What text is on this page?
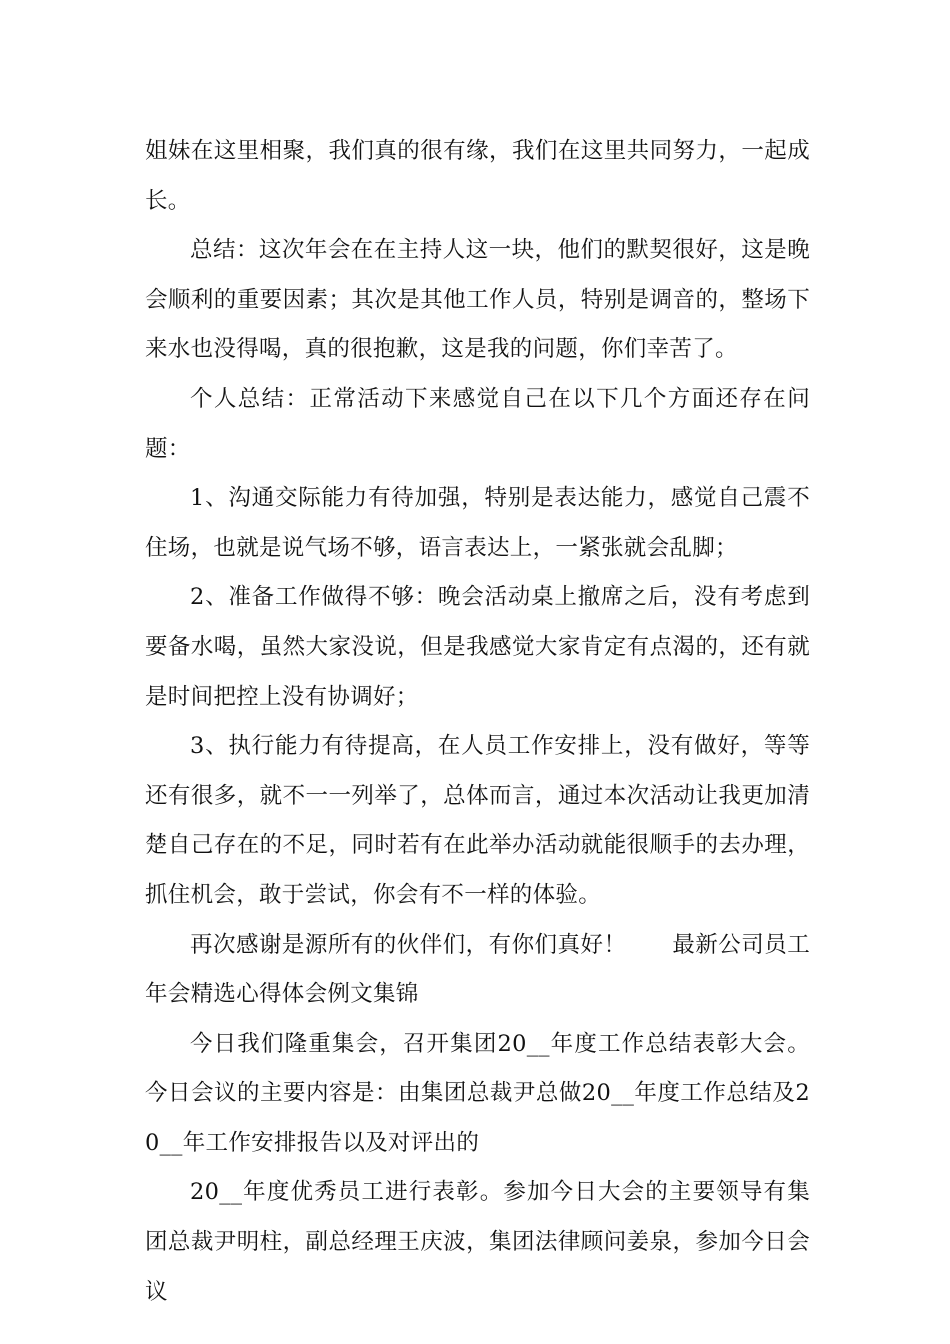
姐妹在这里相聚，我们真的很有缘，我们在这里共同努力，一起成长。

总结：这次年会在在主持人这一块，他们的默契很好，这是晚会顺利的重要因素；其次是其他工作人员，特别是调音的，整场下来水也没得喝，真的很抱歉，这是我的问题，你们幸苦了。

个人总结：正常活动下来感觉自己在以下几个方面还存在问题：

1、沟通交际能力有待加强，特别是表达能力，感觉自己震不住场，也就是说气场不够，语言表达上，一紧张就会乱脚；

2、准备工作做得不够：晚会活动桌上撤席之后，没有考虑到要备水喝，虽然大家没说，但是我感觉大家肯定有点渴的，还有就是时间把控上没有协调好；

3、执行能力有待提高，在人员工作安排上，没有做好，等等还有很多，就不一一列举了，总体而言，通过本次活动让我更加清楚自己存在的不足，同时若有在此举办活动就能很顺手的去办理，抓住机会，敢于尝试，你会有不一样的体验。

再次感谢是源所有的伙伴们，有你们真好！　　最新公司员工年会精选心得体会例文集锦

今日我们隆重集会，召开集团20__年度工作总结表彰大会。今日会议的主要内容是：由集团总裁尹总做20__年度工作总结及20__年工作安排报告以及对评出的

20__年度优秀员工进行表彰。参加今日大会的主要领导有集团总裁尹明柱，副总经理王庆波，集团法律顾问姜泉，参加今日会议
